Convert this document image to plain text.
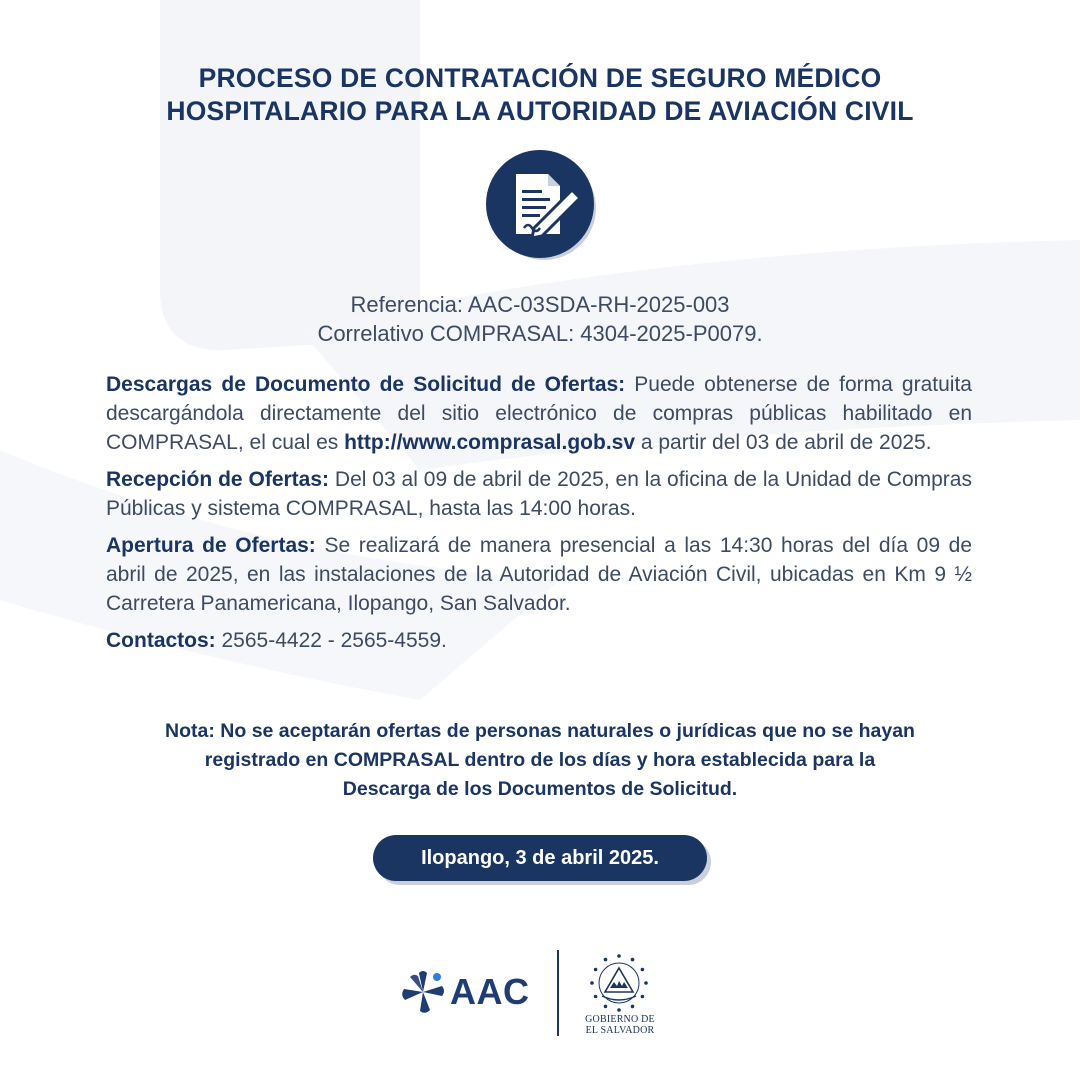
PROCESO DE CONTRATACIÓN DE SEGURO MÉDICO
HOSPITALARIO PARA LA AUTORIDAD DE AVIACIÓN CIVIL
Referencia: AAC-03SDA-RH-2025-003
Correlativo COMPRASAL: 4304-2025-P0079.

Descargas de Documento de Solicitud de Ofertas: Puede obtenerse de forma gratuita descargándola directamente del sitio electrónico de compras públicas habilitado en COMPRASAL, el cual es http://www.comprasal.gob.sv a partir del 03 de abril de 2025.

Recepción de Ofertas: Del 03 al 09 de abril de 2025, en la oficina de la Unidad de Compras Públicas y sistema COMPRASAL, hasta las 14:00 horas.

Apertura de Ofertas: Se realizará de manera presencial a las 14:30 horas del día 09 de abril de 2025, en las instalaciones de la Autoridad de Aviación Civil, ubicadas en Km 9 ½ Carretera Panamericana, Ilopango, San Salvador.

Contactos: 2565-4422 - 2565-4559.

Nota: No se aceptarán ofertas de personas naturales o jurídicas que no se hayan
registrado en COMPRASAL dentro de los días y hora establecida para la
Descarga de los Documentos de Solicitud.
Ilopango, 3 de abril 2025.
AAC
GOBIERNO DE
EL SALVADOR
